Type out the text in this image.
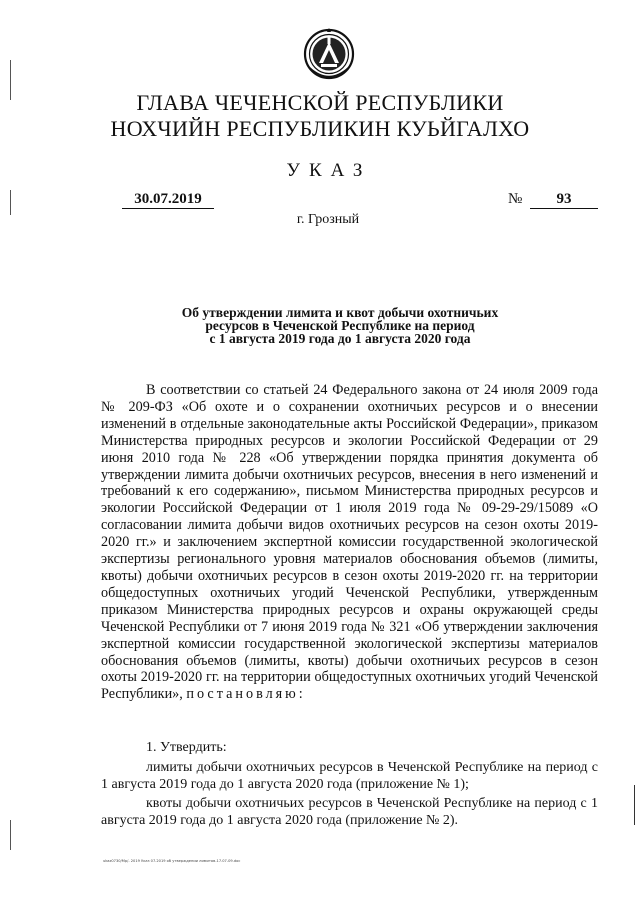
ГЛАВА ЧЕЧЕНСКОЙ РЕСПУБЛИКИ
НОХЧИЙН РЕСПУБЛИКИН КУЬЙГАЛХО
УКАЗ
30.07.2019	№	93
г. Грозный
Об утверждении лимита и квот добычи охотничьих
ресурсов в Чеченской Республике на период
с 1 августа 2019 года до 1 августа 2020 года

В соответствии со статьей 24 Федерального закона от 24 июля 2009 года № 209-ФЗ «Об охоте и о сохранении охотничьих ресурсов и о внесении изменений в отдельные законодательные акты Российской Федерации», приказом Министерства природных ресурсов и экологии Российской Федерации от 29 июня 2010 года № 228 «Об утверждении порядка принятия документа об утверждении лимита добычи охотничьих ресурсов, внесения в него изменений и требований к его содержанию», письмом Министерства природных ресурсов и экологии Российской Федерации от 1 июля 2019 года № 09-29-29/15089 «О согласовании лимита добычи видов охотничьих ресурсов на сезон охоты 2019-2020 гг.» и заключением экспертной комиссии государственной экологической экспертизы регионального уровня материалов обоснования объемов (лимиты, квоты) добычи охотничьих ресурсов в сезон охоты 2019-2020 гг. на территории общедоступных охотничьих угодий Чеченской Республики, утвержденным приказом Министерства природных ресурсов и охраны окружающей среды Чеченской Республики от 7 июня 2019 года № 321 «Об утверждении заключения экспертной комиссии государственной экологической экспертизы материалов обоснования объемов (лимиты, квоты) добычи охотничьих ресурсов в сезон охоты 2019-2020 гг. на территории общедоступных охотничьих угодий Чеченской Республики», постановляю:

1. Утвердить:

лимиты добычи охотничьих ресурсов в Чеченской Республике на период с 1 августа 2019 года до 1 августа 2020 года (приложение № 1);

квоты добычи охотничьих ресурсов в Чеченской Республике на период с 1 августа 2019 года до 1 августа 2020 года (приложение № 2).

ukaz0730/Mp/- 2019 Указ 07.2019 об утверждении лимитов-17.07-09.doc
